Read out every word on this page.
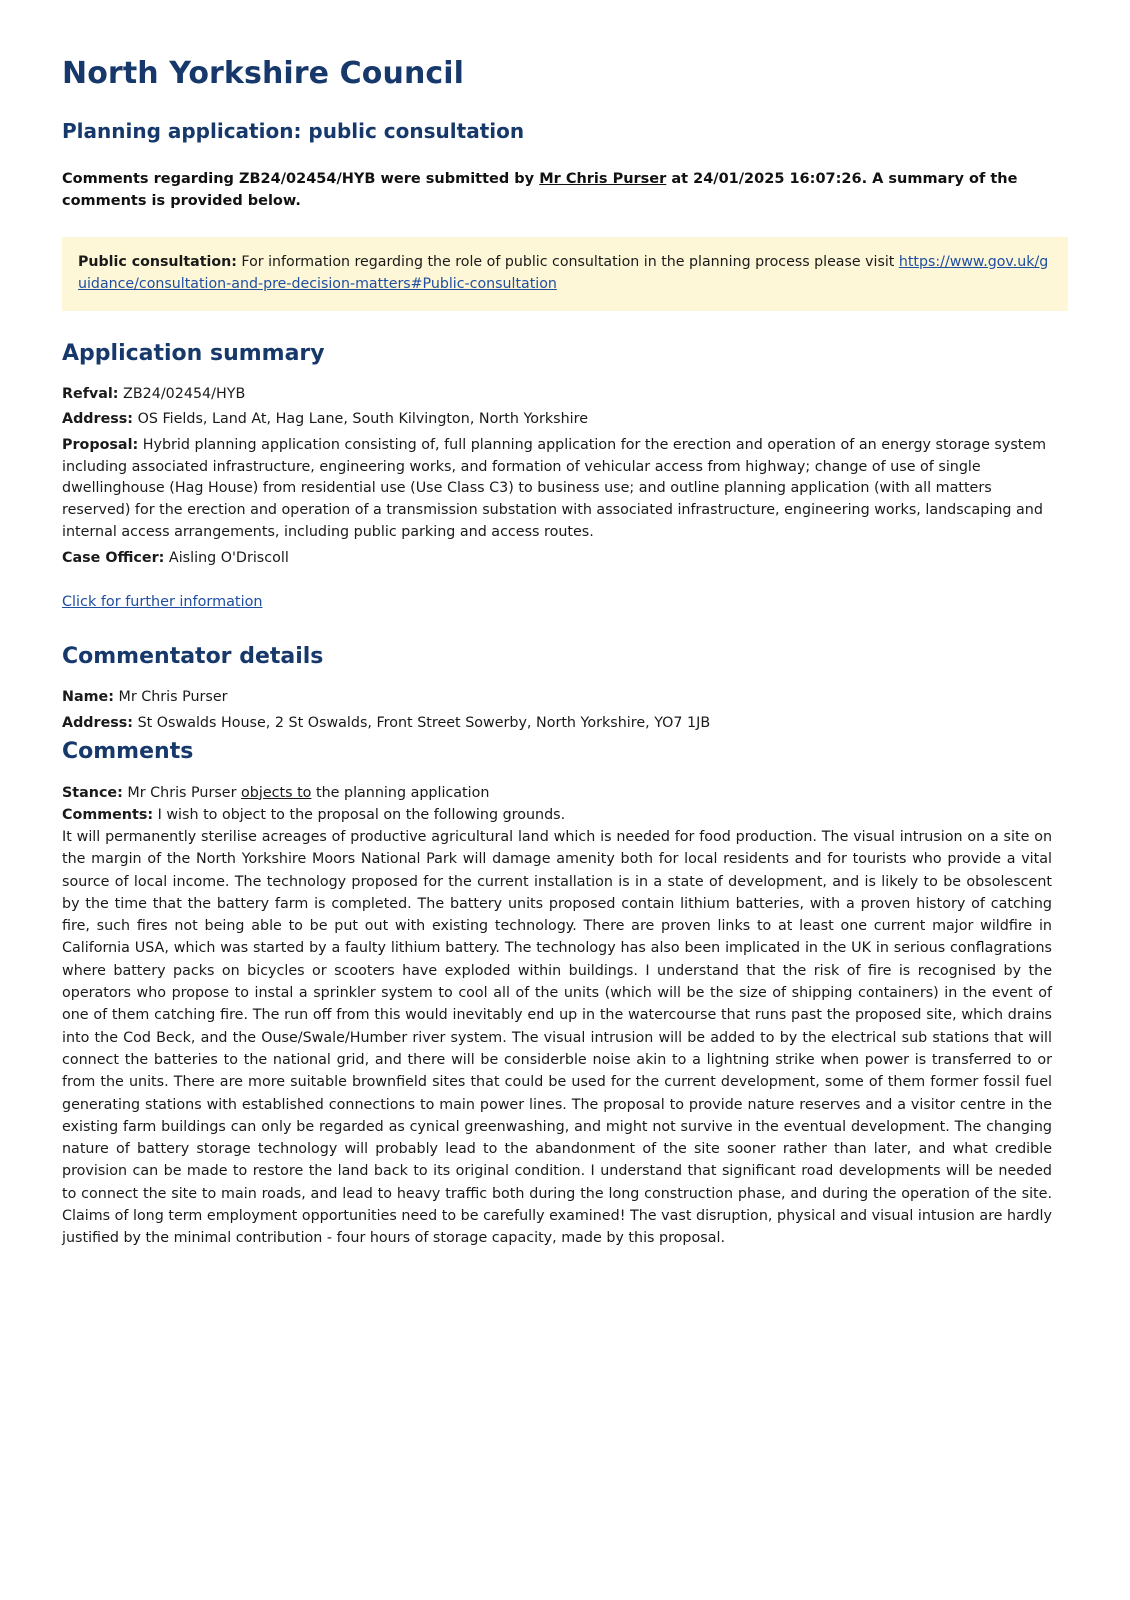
North Yorkshire Council
Planning application: public consultation

Comments regarding ZB24/02454/HYB were submitted by Mr Chris Purser at 24/01/2025 16:07:26. A summary of the comments is provided below.

Public consultation: For information regarding the role of public consultation in the planning process please visit https://www.gov.uk/guidance/consultation-and-pre-decision-matters#Public-consultation
Application summary

Refval: ZB24/02454/HYB

Address: OS Fields, Land At, Hag Lane, South Kilvington, North Yorkshire

Proposal: Hybrid planning application consisting of, full planning application for the erection and operation of an energy storage system including associated infrastructure, engineering works, and formation of vehicular access from highway; change of use of single dwellinghouse (Hag House) from residential use (Use Class C3) to business use; and outline planning application (with all matters reserved) for the erection and operation of a transmission substation with associated infrastructure, engineering works, landscaping and internal access arrangements, including public parking and access routes.

Case Officer: Aisling O'Driscoll

Click for further information
Commentator details

Name: Mr Chris Purser

Address: St Oswalds House, 2 St Oswalds, Front Street Sowerby, North Yorkshire, YO7 1JB

Comments

Stance: Mr Chris Purser objects to the planning application

Comments: I wish to object to the proposal on the following grounds.

It will permanently sterilise acreages of productive agricultural land which is needed for food production. The visual intrusion on a site on the margin of the North Yorkshire Moors National Park will damage amenity both for local residents and for tourists who provide a vital source of local income. The technology proposed for the current installation is in a state of development, and is likely to be obsolescent by the time that the battery farm is completed. The battery units proposed contain lithium batteries, with a proven history of catching fire, such fires not being able to be put out with existing technology. There are proven links to at least one current major wildfire in California USA, which was started by a faulty lithium battery. The technology has also been implicated in the UK in serious conflagrations where battery packs on bicycles or scooters have exploded within buildings. I understand that the risk of fire is recognised by the operators who propose to instal a sprinkler system to cool all of the units (which will be the size of shipping containers) in the event of one of them catching fire. The run off from this would inevitably end up in the watercourse that runs past the proposed site, which drains into the Cod Beck, and the Ouse/Swale/Humber river system. The visual intrusion will be added to by the electrical sub stations that will connect the batteries to the national grid, and there will be considerble noise akin to a lightning strike when power is transferred to or from the units. There are more suitable brownfield sites that could be used for the current development, some of them former fossil fuel generating stations with established connections to main power lines. The proposal to provide nature reserves and a visitor centre in the existing farm buildings can only be regarded as cynical greenwashing, and might not survive in the eventual development. The changing nature of battery storage technology will probably lead to the abandonment of the site sooner rather than later, and what credible provision can be made to restore the land back to its original condition. I understand that significant road developments will be needed to connect the site to main roads, and lead to heavy traffic both during the long construction phase, and during the operation of the site. Claims of long term employment opportunities need to be carefully examined! The vast disruption, physical and visual intusion are hardly justified by the minimal contribution - four hours of storage capacity, made by this proposal.
